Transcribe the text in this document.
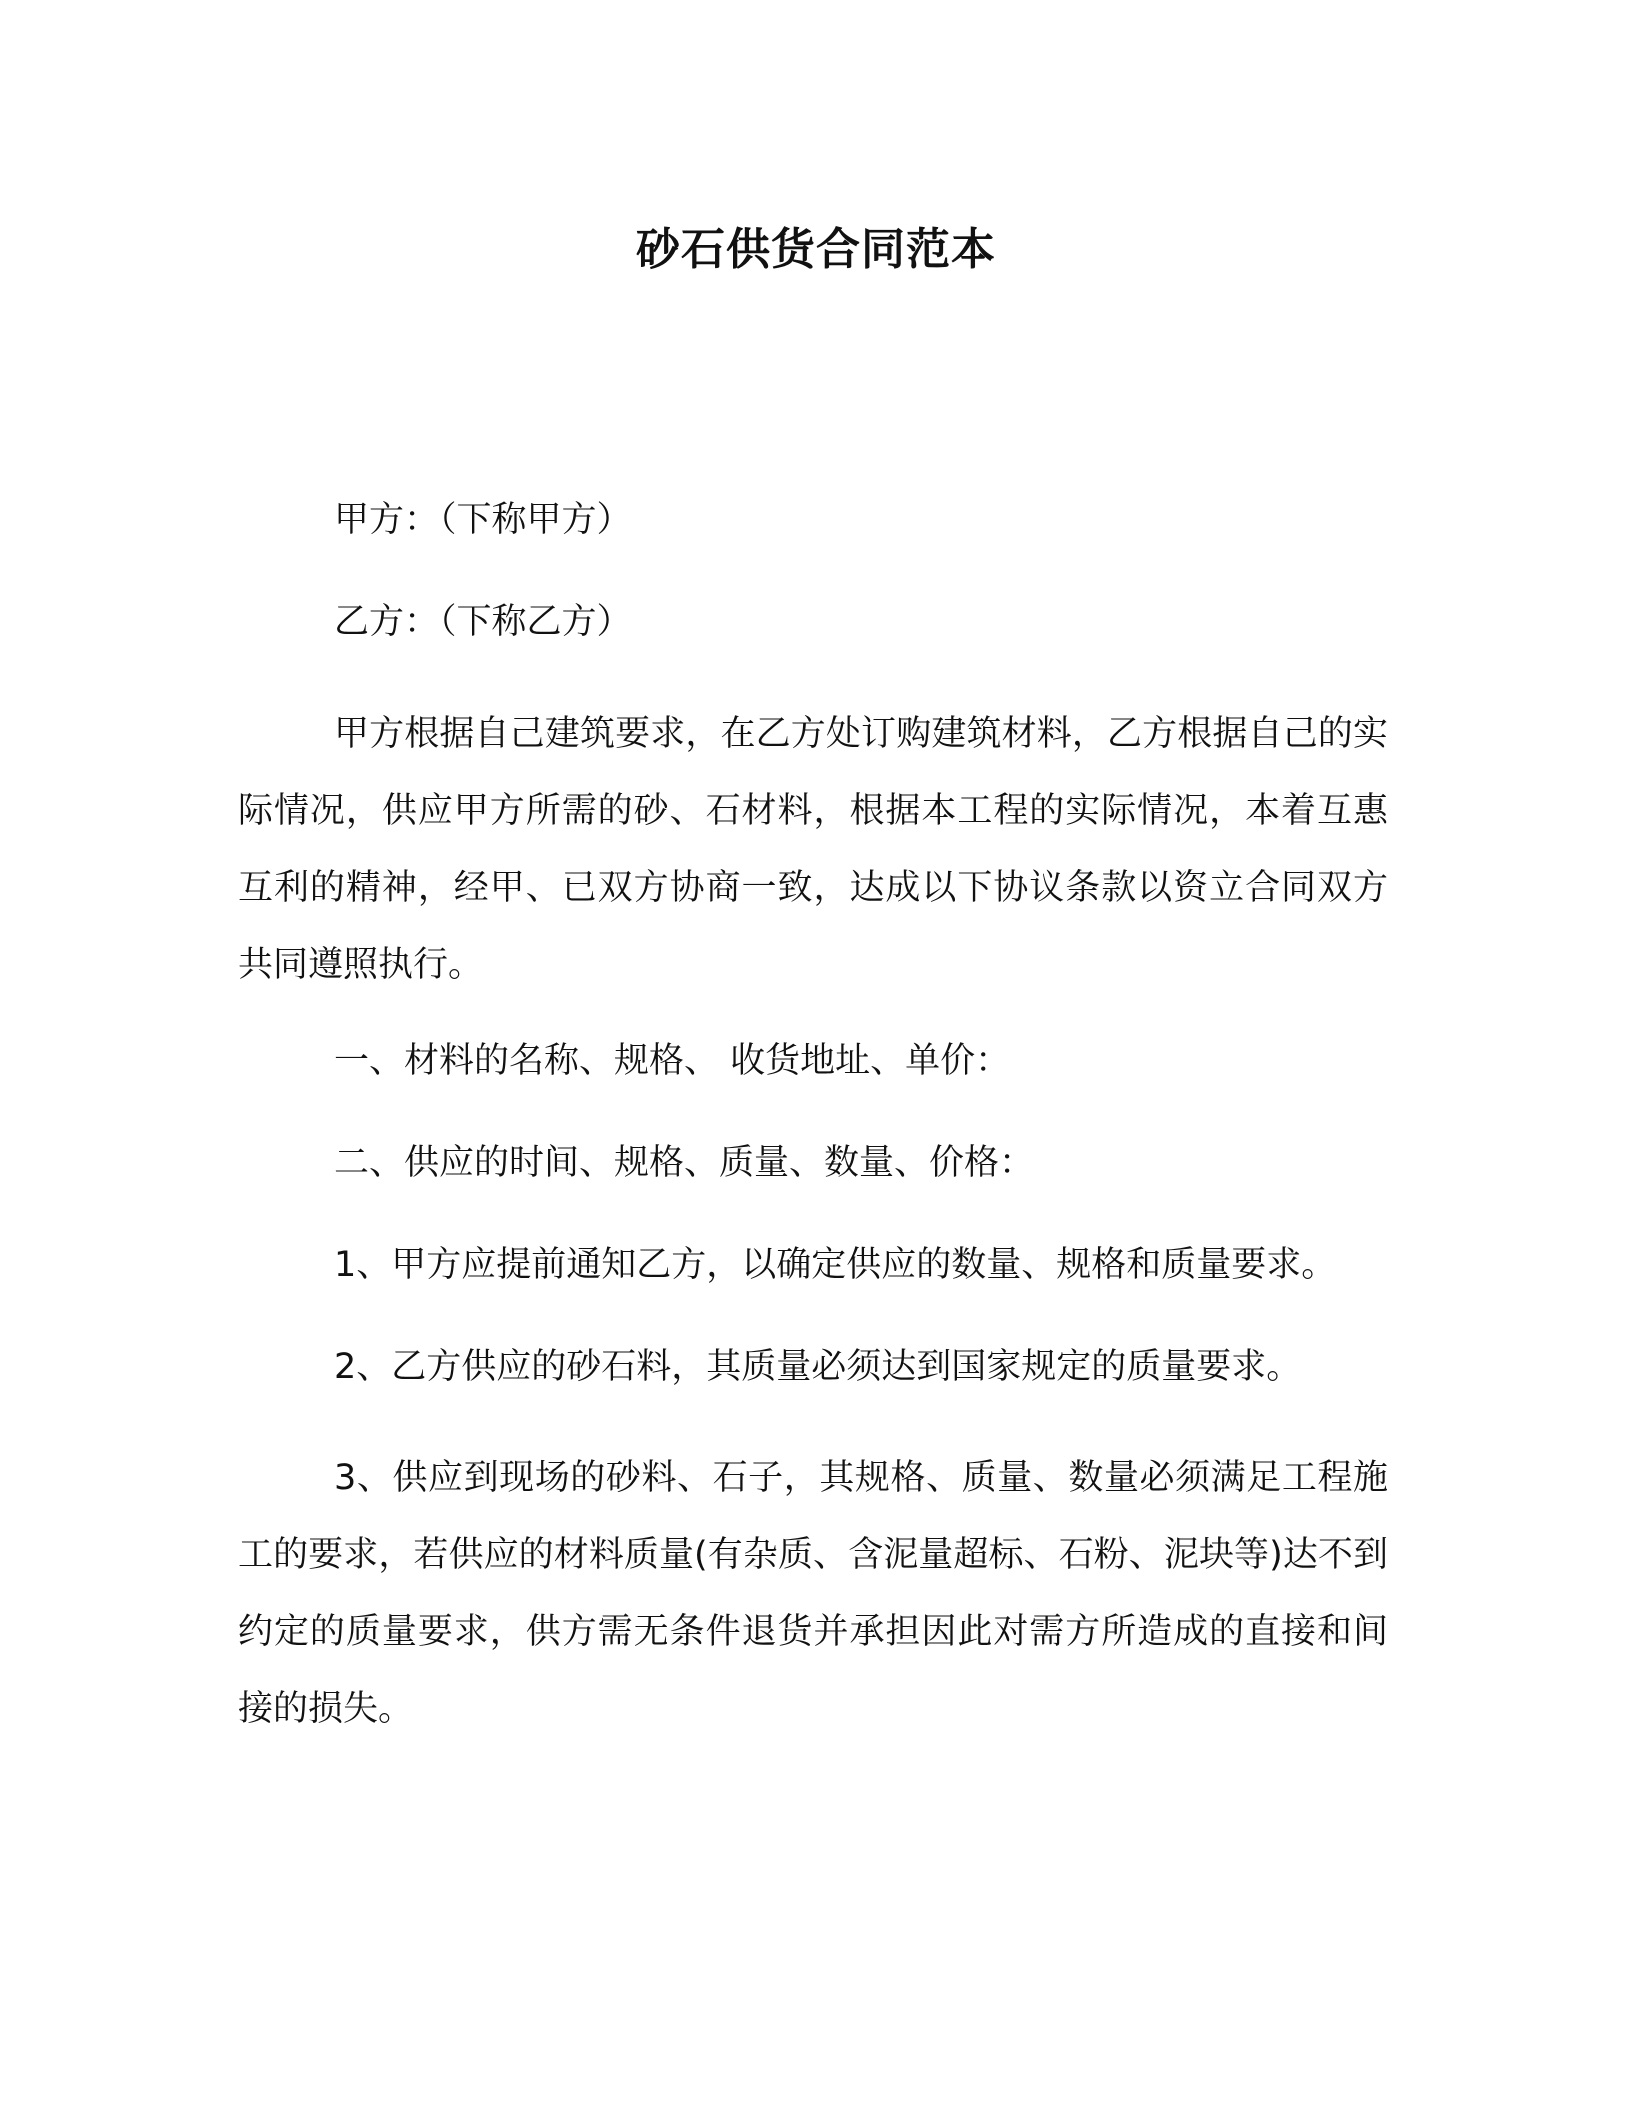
砂石供货合同范本

甲方：（下称甲方）

乙方：（下称乙方）

甲方根据自己建筑要求，在乙方处订购建筑材料，乙方根据自己的实际情况，供应甲方所需的砂、石材料，根据本工程的实际情况，本着互惠互利的精神，经甲、已双方协商一致，达成以下协议条款以资立合同双方共同遵照执行。

一、材料的名称、规格、 收货地址、单价：

二、供应的时间、规格、质量、数量、价格：

1、甲方应提前通知乙方，以确定供应的数量、规格和质量要求。

2、乙方供应的砂石料，其质量必须达到国家规定的质量要求。

3、供应到现场的砂料、石子，其规格、质量、数量必须满足工程施工的要求，若供应的材料质量(有杂质、含泥量超标、石粉、泥块等)达不到约定的质量要求，供方需无条件退货并承担因此对需方所造成的直接和间接的损失。
